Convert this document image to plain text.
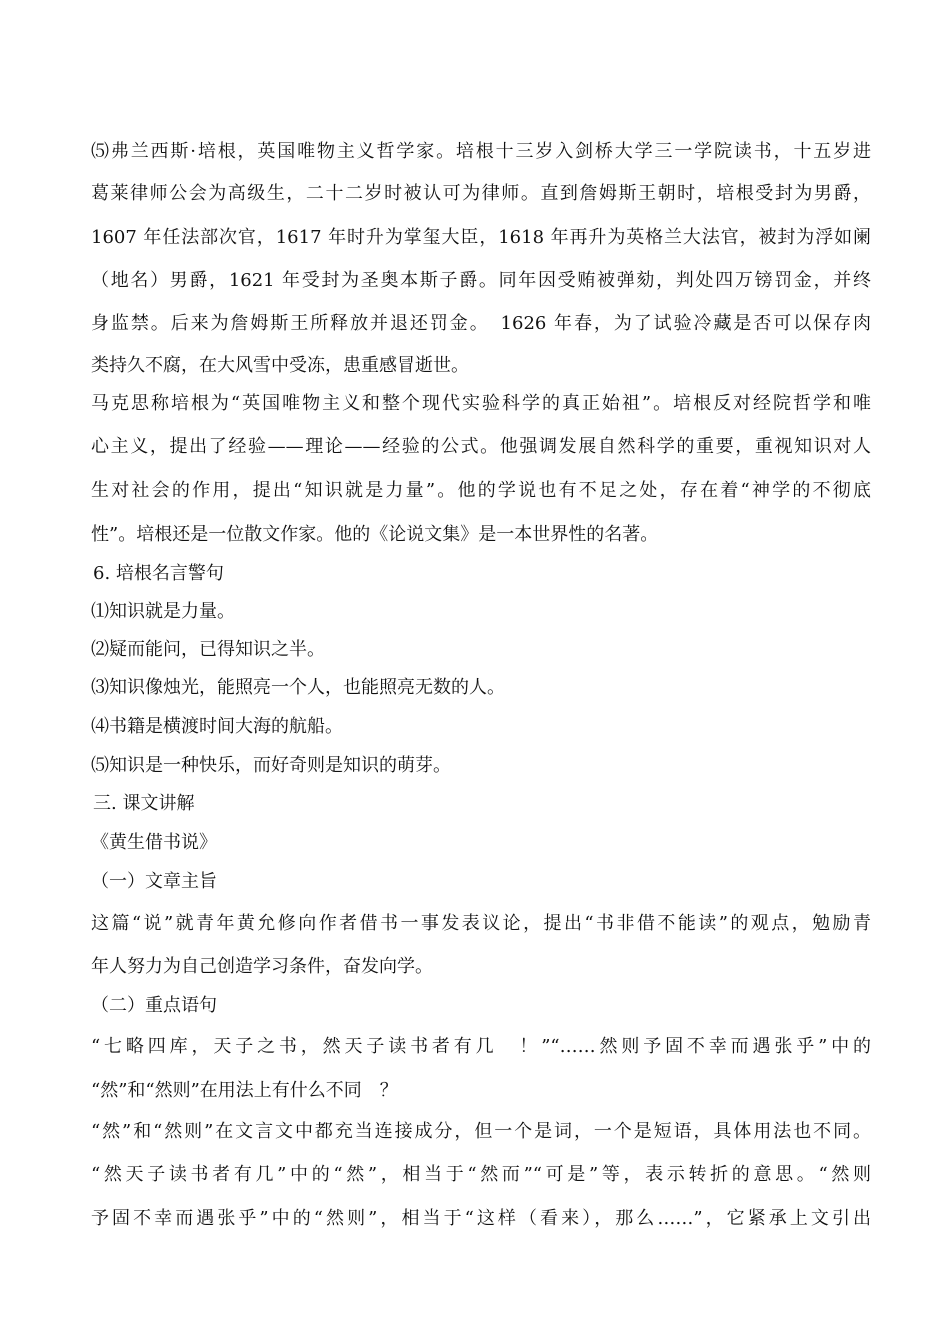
⑸弗兰西斯·培根，英国唯物主义哲学家。培根十三岁入剑桥大学三一学院读书，十五岁进
葛莱律师公会为高级生，二十二岁时被认可为律师。直到詹姆斯王朝时，培根受封为男爵，
1607 年任法部次官，1617 年时升为掌玺大臣，1618 年再升为英格兰大法官，被封为浮如阑
（地名）男爵，1621 年受封为圣奥本斯子爵。同年因受贿被弹劾，判处四万镑罚金，并终
身监禁。后来为詹姆斯王所释放并退还罚金。　1626 年春，为了试验冷藏是否可以保存肉
类持久不腐，在大风雪中受冻，患重感冒逝世。
马克思称培根为“英国唯物主义和整个现代实验科学的真正始祖”。培根反对经院哲学和唯
心主义，提出了经验——理论——经验的公式。他强调发展自然科学的重要，重视知识对人
生对社会的作用，提出“知识就是力量”。他的学说也有不足之处，存在着“神学的不彻底
性”。培根还是一位散文作家。他的《论说文集》是一本世界性的名著。
6. 培根名言警句
⑴知识就是力量。
⑵疑而能问，已得知识之半。
⑶知识像烛光，能照亮一个人，也能照亮无数的人。
⑷书籍是横渡时间大海的航船。
⑸知识是一种快乐，而好奇则是知识的萌芽。
三. 课文讲解
《黄生借书说》
（一）文章主旨
这篇“说”就青年黄允修向作者借书一事发表议论，提出“书非借不能读”的观点，勉励青
年人努力为自己创造学习条件，奋发向学。
（二）重点语句
“七略四库，天子之书，然天子读书者有几　！”“……然则予固不幸而遇张乎”中的
“然”和“然则”在用法上有什么不同　？
“然”和“然则”在文言文中都充当连接成分，但一个是词，一个是短语，具体用法也不同。
“然天子读书者有几”中的“然”，相当于“然而”“可是”等，表示转折的意思。“然则
予固不幸而遇张乎”中的“然则”，相当于“这样（看来），那么……”，它紧承上文引出
